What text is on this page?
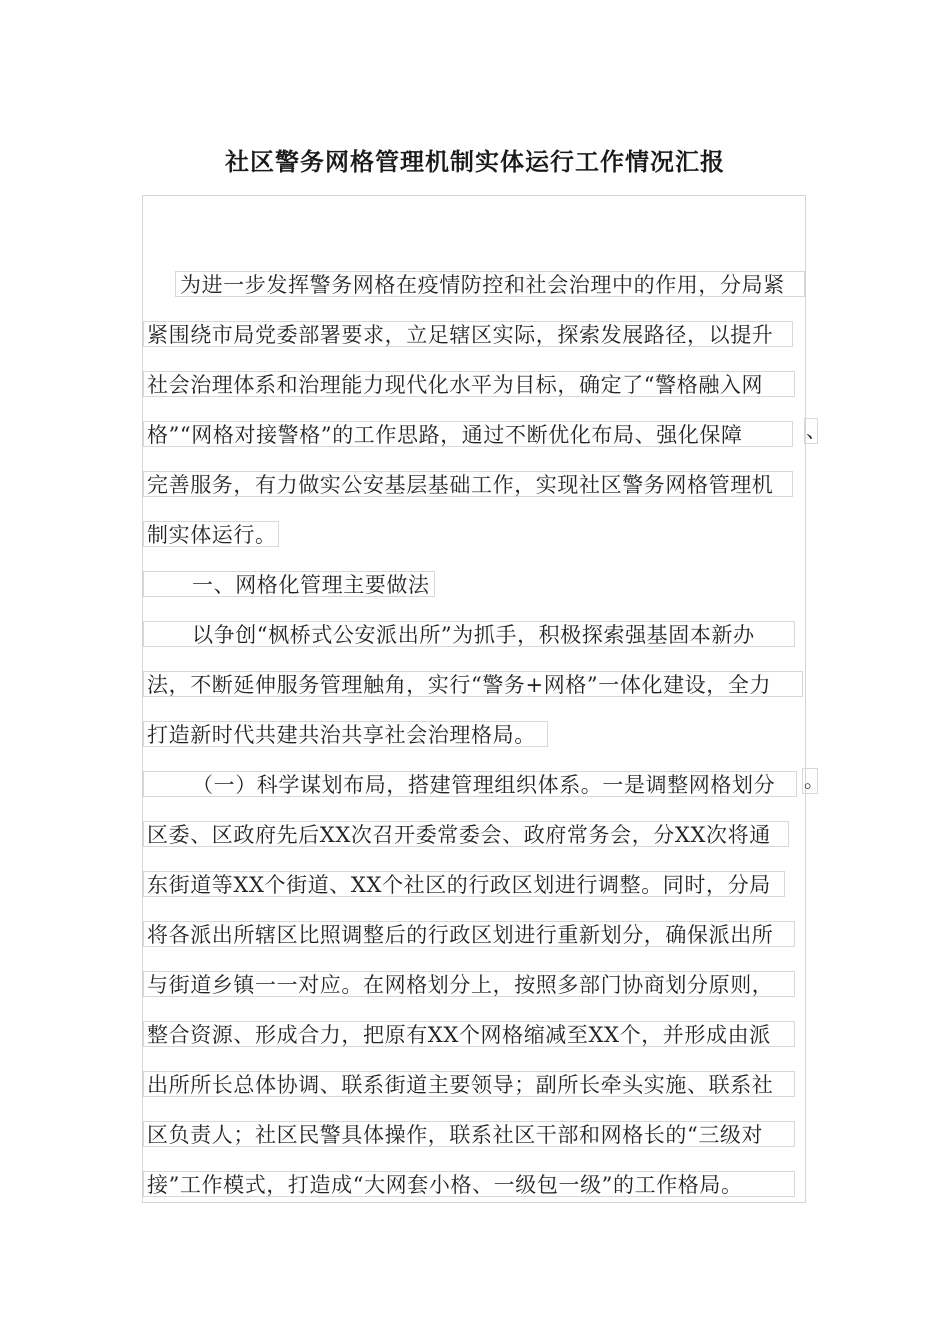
社区警务网格管理机制实体运行工作情况汇报
为进一步发挥警务网格在疫情防控和社会治理中的作用，分局紧
紧围绕市局党委部署要求，立足辖区实际，探索发展路径，以提升
社会治理体系和治理能力现代化水平为目标，确定了“警格融入网
格”“网格对接警格”的工作思路，通过不断优化布局、强化保障	、
完善服务，有力做实公安基层基础工作，实现社区警务网格管理机
制实体运行。
一、网格化管理主要做法
以争创“枫桥式公安派出所”为抓手，积极探索强基固本新办
法，不断延伸服务管理触角，实行“警务+网格”一体化建设，全力
打造新时代共建共治共享社会治理格局。
（一）科学谋划布局，搭建管理组织体系。一是调整网格划分	。
区委、区政府先后XX次召开委常委会、政府常务会，分XX次将通
东街道等XX个街道、XX个社区的行政区划进行调整。同时，分局
将各派出所辖区比照调整后的行政区划进行重新划分，确保派出所
与街道乡镇一一对应。在网格划分上，按照多部门协商划分原则，
整合资源、形成合力，把原有XX个网格缩减至XX个，并形成由派
出所所长总体协调、联系街道主要领导；副所长牵头实施、联系社
区负责人；社区民警具体操作，联系社区干部和网格长的“三级对
接”工作模式，打造成“大网套小格、一级包一级”的工作格局。
